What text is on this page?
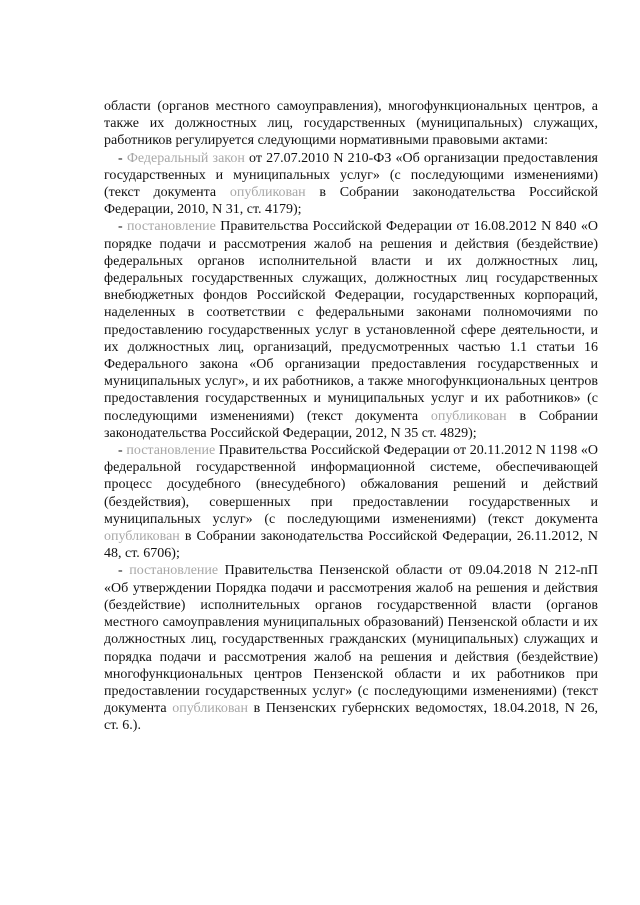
области (органов местного самоуправления), многофункциональных центров, а также их должностных лиц, государственных (муниципальных) служащих, работников регулируется следующими нормативными правовыми актами:

- Федеральный закон от 27.07.2010 N 210-ФЗ «Об организации предоставления государственных и муниципальных услуг» (с последующими изменениями) (текст документа опубликован в Собрании законодательства Российской Федерации, 2010, N 31, ст. 4179);

- постановление Правительства Российской Федерации от 16.08.2012 N 840 «О порядке подачи и рассмотрения жалоб на решения и действия (бездействие) федеральных органов исполнительной власти и их должностных лиц, федеральных государственных служащих, должностных лиц государственных внебюджетных фондов Российской Федерации, государственных корпораций, наделенных в соответствии с федеральными законами полномочиями по предоставлению государственных услуг в установленной сфере деятельности, и их должностных лиц, организаций, предусмотренных частью 1.1 статьи 16 Федерального закона «Об организации предоставления государственных и муниципальных услуг», и их работников, а также многофункциональных центров предоставления государственных и муниципальных услуг и их работников» (с последующими изменениями) (текст документа опубликован в Собрании законодательства Российской Федерации, 2012, N 35 ст. 4829);

- постановление Правительства Российской Федерации от 20.11.2012 N 1198 «О федеральной государственной информационной системе, обеспечивающей процесс досудебного (внесудебного) обжалования решений и действий (бездействия), совершенных при предоставлении государственных и муниципальных услуг» (с последующими изменениями) (текст документа опубликован в Собрании законодательства Российской Федерации, 26.11.2012, N 48, ст. 6706);

- постановление Правительства Пензенской области от 09.04.2018 N 212-пП «Об утверждении Порядка подачи и рассмотрения жалоб на решения и действия (бездействие) исполнительных органов государственной власти (органов местного самоуправления муниципальных образований) Пензенской области и их должностных лиц, государственных гражданских (муниципальных) служащих и порядка подачи и рассмотрения жалоб на решения и действия (бездействие) многофункциональных центров Пензенской области и их работников при предоставлении государственных услуг» (с последующими изменениями) (текст документа опубликован в Пензенских губернских ведомостях, 18.04.2018, N 26, ст. 6.).
